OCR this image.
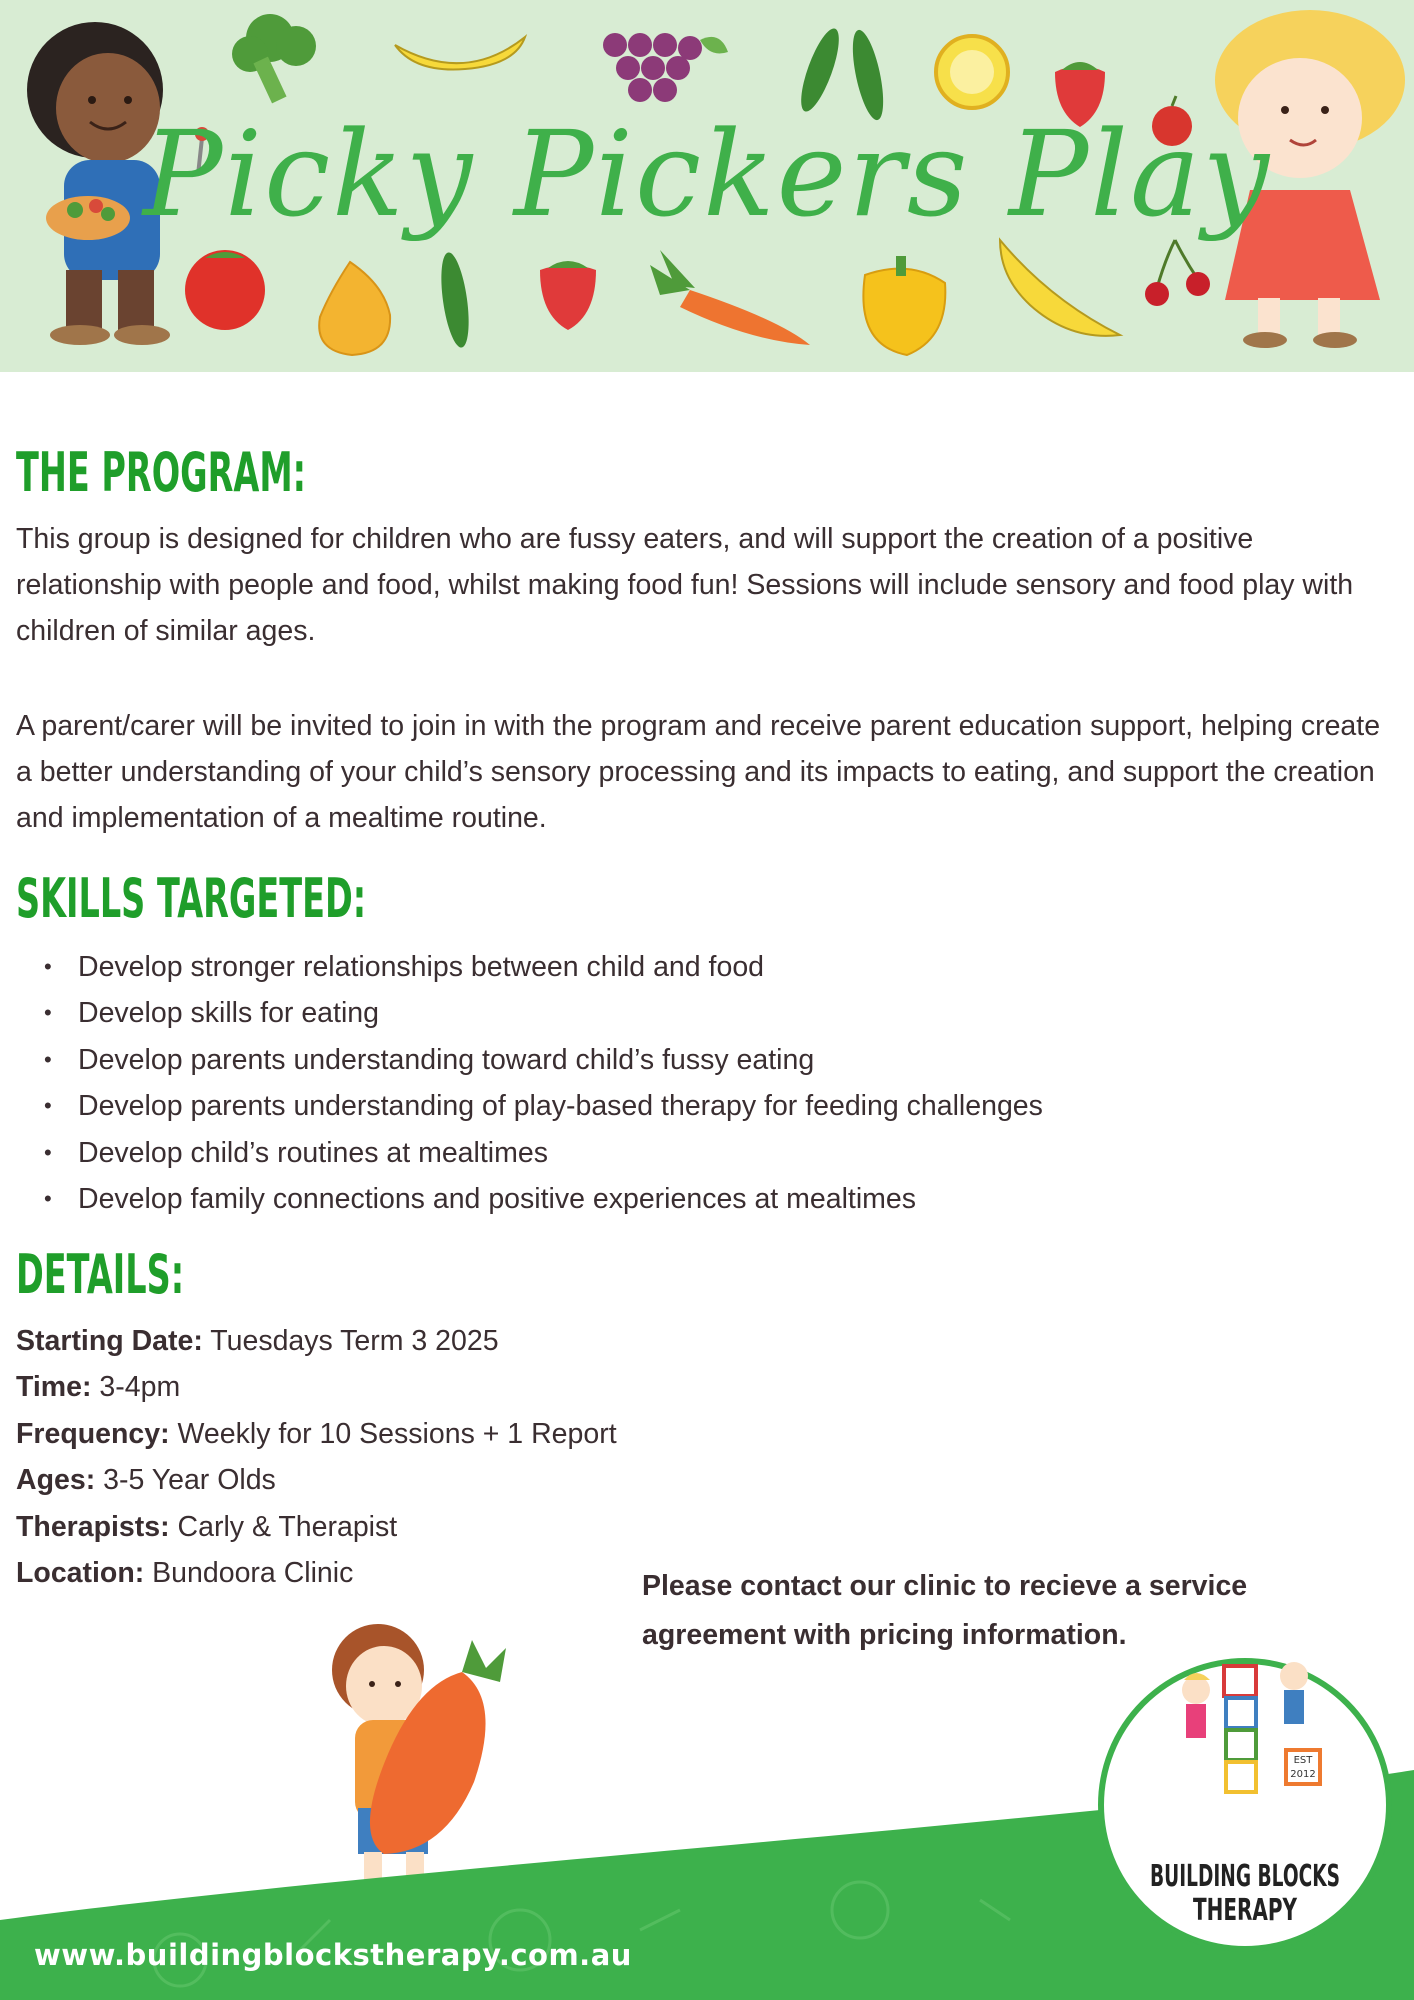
Picky Pickers Play
THE PROGRAM:

This group is designed for children who are fussy eaters, and will support the creation of a positive relationship with people and food, whilst making food fun! Sessions will include sensory and food play with children of similar ages.

A parent/carer will be invited to join in with the program and receive parent education support, helping create a better understanding of your child’s sensory processing and its impacts to eating, and support the creation and implementation of a mealtime routine.

SKILLS TARGETED:
• Develop stronger relationships between child and food
• Develop skills for eating
• Develop parents understanding toward child’s fussy eating
• Develop parents understanding of play-based therapy for feeding challenges
• Develop child’s routines at mealtimes
• Develop family connections and positive experiences at mealtimes
DETAILS:
Starting Date: Tuesdays Term 3 2025
Time: 3-4pm
Frequency: Weekly for 10 Sessions + 1 Report
Ages: 3-5 Year Olds
Therapists: Carly & Therapist
Location: Bundoora Clinic	Please contact our clinic to recieve a service agreement with pricing information.

EST
2012
BUILDING BLOCKS
THERAPY
www.buildingblockstherapy.com.au
